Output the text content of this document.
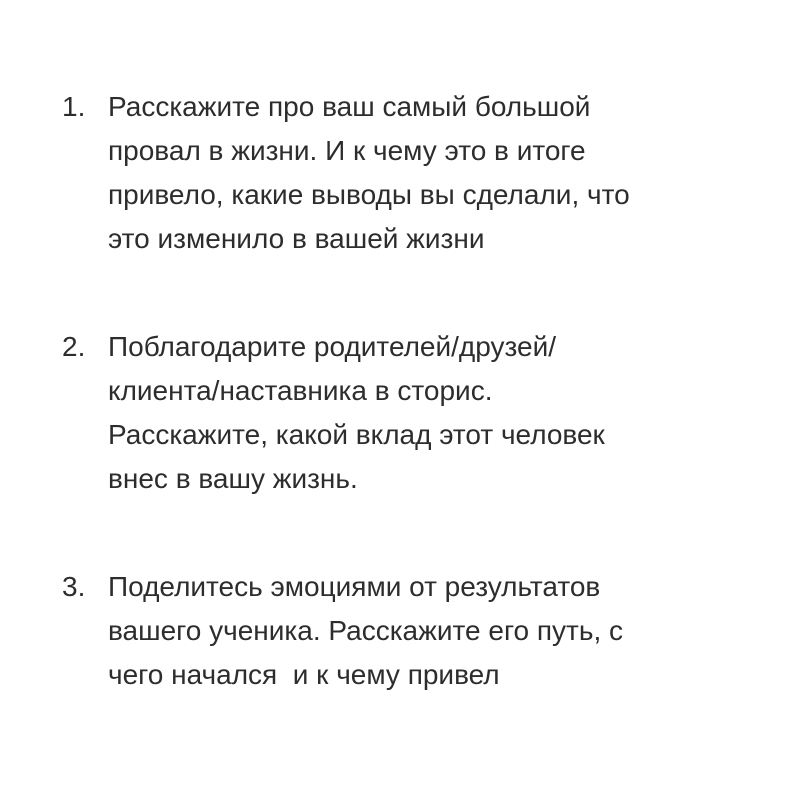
1. Расскажите про ваш самый большой
провал в жизни. И к чему это в итоге
привело, какие выводы вы сделали, что
это изменило в вашей жизни
2. Поблагодарите родителей/друзей/
клиента/наставника в сторис.
Расскажите, какой вклад этот человек
внес в вашу жизнь.
3. Поделитесь эмоциями от результатов
вашего ученика. Расскажите его путь, с
чего начался  и к чему привел
